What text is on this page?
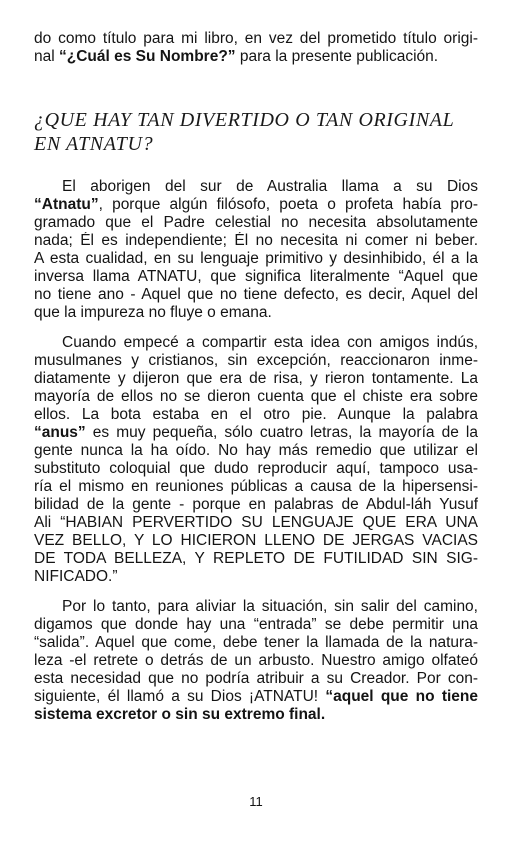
do como título para mi libro, en vez del prometido título origi-
nal “¿Cuál es Su Nombre?” para la presente publicación.
¿QUE HAY TAN DIVERTIDO O TAN ORIGINAL
EN ATNATU?
El aborigen del sur de Australia llama a su Dios
“Atnatu”, porque algún filósofo, poeta o profeta había pro-
gramado que el Padre celestial no necesita absolutamente
nada; Él es independiente; Él no necesita ni comer ni beber.
A esta cualidad, en su lenguaje primitivo y desinhibido, él a la
inversa llama ATNATU, que significa literalmente “Aquel que
no tiene ano - Aquel que no tiene defecto, es decir, Aquel del
que la impureza no fluye o emana.
Cuando empecé a compartir esta idea con amigos indús,
musulmanes y cristianos, sin excepción, reaccionaron inme-
diatamente y dijeron que era de risa, y rieron tontamente. La
mayoría de ellos no se dieron cuenta que el chiste era sobre
ellos. La bota estaba en el otro pie. Aunque la palabra
“anus” es muy pequeña, sólo cuatro letras, la mayoría de la
gente nunca la ha oído. No hay más remedio que utilizar el
substituto coloquial que dudo reproducir aquí, tampoco usa-
ría el mismo en reuniones públicas a causa de la hipersensi-
bilidad de la gente - porque en palabras de Abdul-láh Yusuf
Ali “HABIAN PERVERTIDO SU LENGUAJE QUE ERA UNA
VEZ BELLO, Y LO HICIERON LLENO DE JERGAS VACIAS
DE TODA BELLEZA, Y REPLETO DE FUTILIDAD SIN SIG-
NIFICADO.”
Por lo tanto, para aliviar la situación, sin salir del camino,
digamos que donde hay una “entrada” se debe permitir una
“salida”. Aquel que come, debe tener la llamada de la natura-
leza -el retrete o detrás de un arbusto. Nuestro amigo olfateó
esta necesidad que no podría atribuir a su Creador. Por con-
siguiente, él llamó a su Dios ¡ATNATU! “aquel que no tiene
sistema excretor o sin su extremo final.
11
